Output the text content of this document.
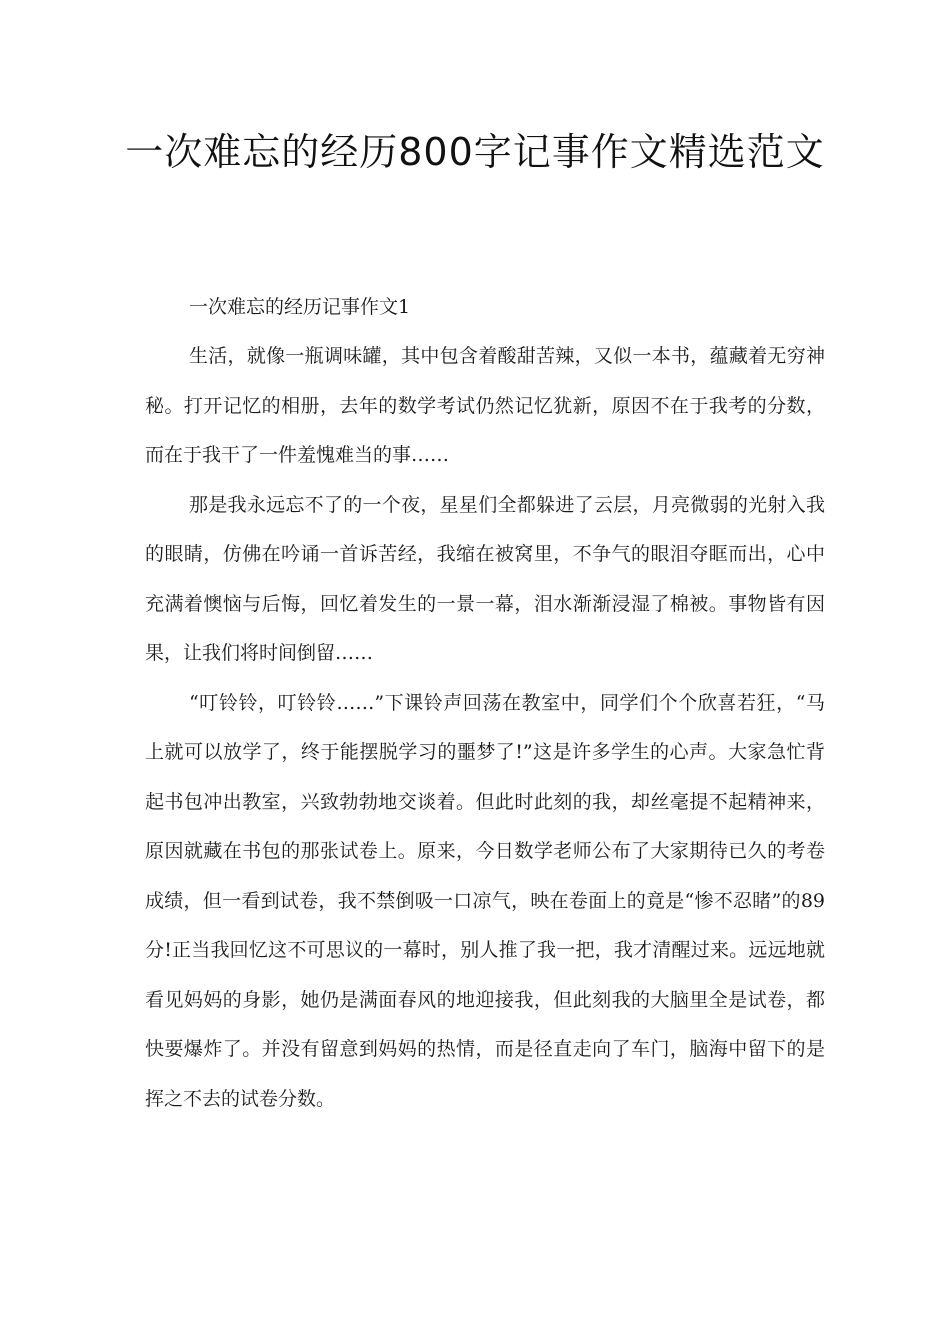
一次难忘的经历800字记事作文精选范文

一次难忘的经历记事作文1

生活，就像一瓶调味罐，其中包含着酸甜苦辣，又似一本书，蕴藏着无穷神秘。打开记忆的相册，去年的数学考试仍然记忆犹新，原因不在于我考的分数，而在于我干了一件羞愧难当的事……

那是我永远忘不了的一个夜，星星们全都躲进了云层，月亮微弱的光射入我的眼睛，仿佛在吟诵一首诉苦经，我缩在被窝里，不争气的眼泪夺眶而出，心中充满着懊恼与后悔，回忆着发生的一景一幕，泪水渐渐浸湿了棉被。事物皆有因果，让我们将时间倒留……

“叮铃铃，叮铃铃……”下课铃声回荡在教室中，同学们个个欣喜若狂，“马上就可以放学了，终于能摆脱学习的噩梦了!”这是许多学生的心声。大家急忙背起书包冲出教室，兴致勃勃地交谈着。但此时此刻的我，却丝毫提不起精神来，原因就藏在书包的那张试卷上。原来，今日数学老师公布了大家期待已久的考卷成绩，但一看到试卷，我不禁倒吸一口凉气，映在卷面上的竟是“惨不忍睹”的89分!正当我回忆这不可思议的一幕时，别人推了我一把，我才清醒过来。远远地就看见妈妈的身影，她仍是满面春风的地迎接我，但此刻我的大脑里全是试卷，都快要爆炸了。并没有留意到妈妈的热情，而是径直走向了车门，脑海中留下的是挥之不去的试卷分数。
